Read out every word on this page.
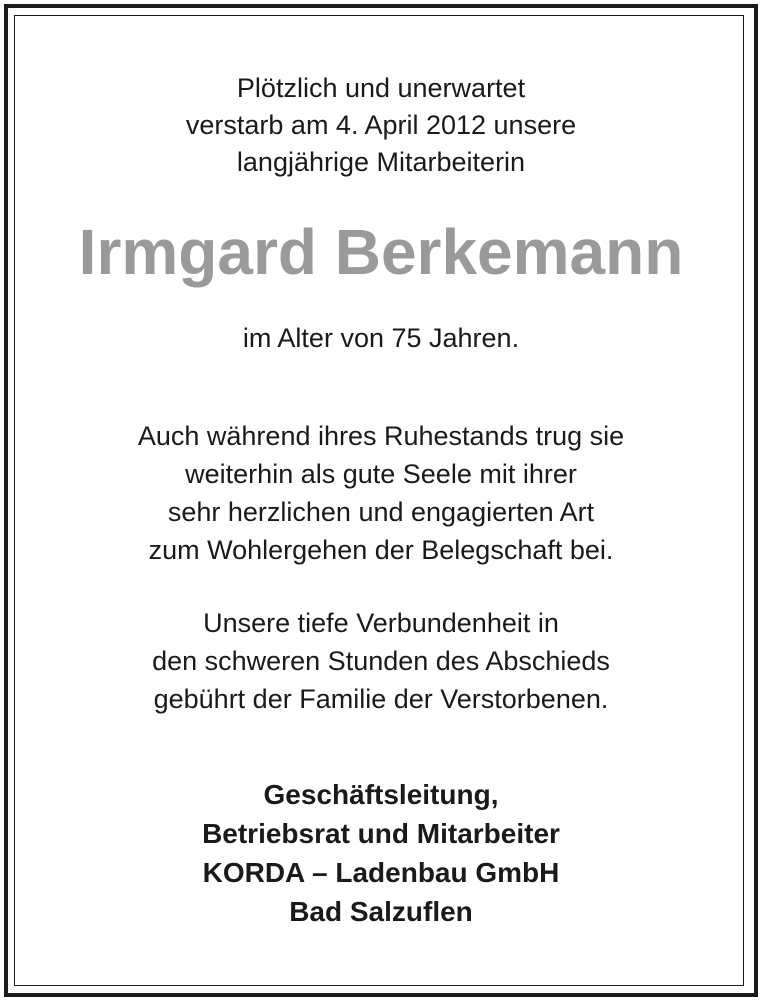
Plötzlich und unerwartet
verstarb am 4. April 2012 unsere
langjährige Mitarbeiterin
Irmgard Berkemann
im Alter von 75 Jahren.
Auch während ihres Ruhestands trug sie
weiterhin als gute Seele mit ihrer
sehr herzlichen und engagierten Art
zum Wohlergehen der Belegschaft bei.
Unsere tiefe Verbundenheit in
den schweren Stunden des Abschieds
gebührt der Familie der Verstorbenen.
Geschäftsleitung,
Betriebsrat und Mitarbeiter
KORDA – Ladenbau GmbH
Bad Salzuflen
